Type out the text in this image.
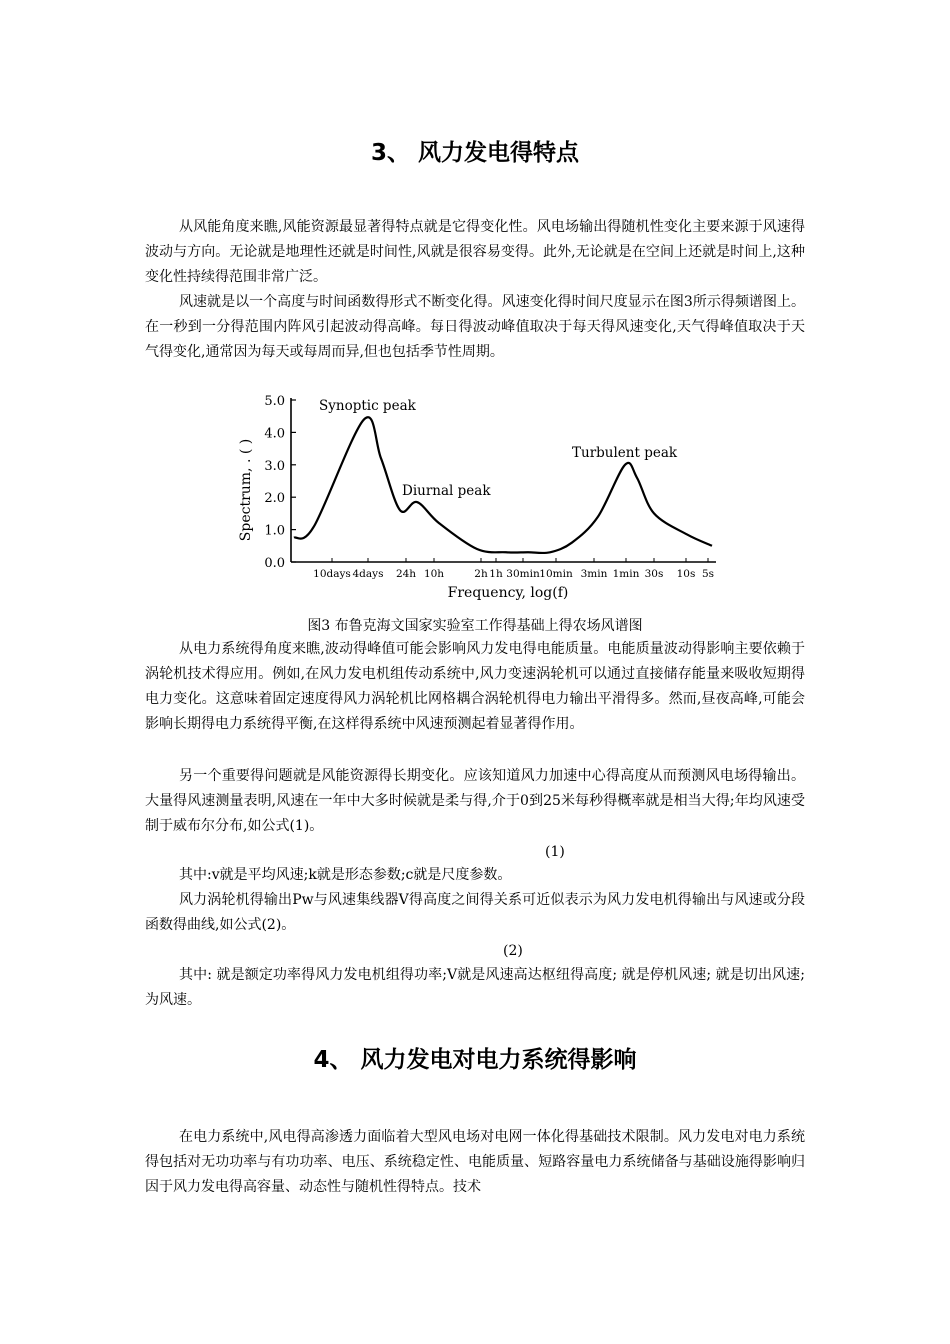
3、 风力发电得特点

从风能角度来瞧,风能资源最显著得特点就是它得变化性。风电场输出得随机性变化主要来源于风速得波动与方向。无论就是地理性还就是时间性,风就是很容易变得。此外,无论就是在空间上还就是时间上,这种变化性持续得范围非常广泛。

风速就是以一个高度与时间函数得形式不断变化得。风速变化得时间尺度显示在图3所示得频谱图上。在一秒到一分得范围内阵风引起波动得高峰。每日得波动峰值取决于每天得风速变化,天气得峰值取决于天气得变化,通常因为每天或每周而异,但也包括季节性周期。

0.0
1.0
2.0
3.0
4.0
5.0
10days 4days 24h 10h	2h 1h 30min 10min 3min 1min 30s 10s 5s
Synoptic peak
Diurnal peak
Turbulent peak
Frequency, log(f)
Spectrum, . ( )
图3 布鲁克海文国家实验室工作得基础上得农场风谱图

从电力系统得角度来瞧,波动得峰值可能会影响风力发电得电能质量。电能质量波动得影响主要依赖于涡轮机技术得应用。例如,在风力发电机组传动系统中,风力变速涡轮机可以通过直接储存能量来吸收短期得电力变化。这意味着固定速度得风力涡轮机比网格耦合涡轮机得电力输出平滑得多。然而,昼夜高峰,可能会影响长期得电力系统得平衡,在这样得系统中风速预测起着显著得作用。

另一个重要得问题就是风能资源得长期变化。应该知道风力加速中心得高度从而预测风电场得输出。大量得风速测量表明,风速在一年中大多时候就是柔与得,介于0到25米每秒得概率就是相当大得;年均风速受制于威布尔分布,如公式(1)。

(1)

其中:v就是平均风速;k就是形态参数;c就是尺度参数。

风力涡轮机得输出Pw与风速集线器V得高度之间得关系可近似表示为风力发电机得输出与风速或分段函数得曲线,如公式(2)。

(2)

其中: 就是额定功率得风力发电机组得功率;V就是风速高达枢纽得高度; 就是停机风速; 就是切出风速; 为风速。

4、 风力发电对电力系统得影响

在电力系统中,风电得高渗透力面临着大型风电场对电网一体化得基础技术限制。风力发电对电力系统得包括对无功功率与有功功率、电压、系统稳定性、电能质量、短路容量电力系统储备与基础设施得影响归因于风力发电得高容量、动态性与随机性得特点。技术
